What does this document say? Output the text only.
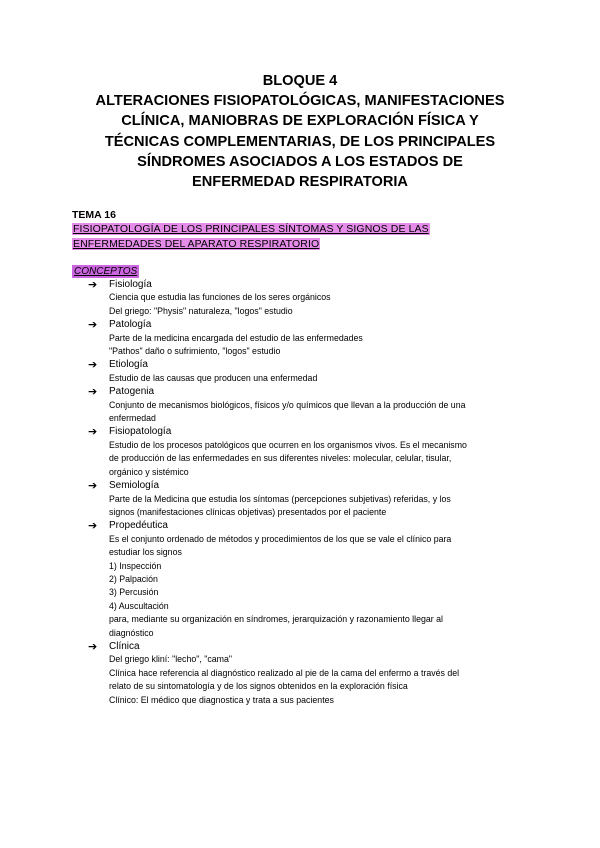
BLOQUE 4
ALTERACIONES FISIOPATOLÓGICAS, MANIFESTACIONES
CLÍNICA, MANIOBRAS DE EXPLORACIÓN FÍSICA Y
TÉCNICAS COMPLEMENTARIAS, DE LOS PRINCIPALES
SÍNDROMES ASOCIADOS A LOS ESTADOS DE
ENFERMEDAD RESPIRATORIA
TEMA 16
FISIOPATOLOGÍA DE LOS PRINCIPALES SÍNTOMAS Y SIGNOS DE LAS
ENFERMEDADES DEL APARATO RESPIRATORIO
CONCEPTOS
➔ Fisiología
Ciencia que estudia las funciones de los seres orgánicos
Del griego: "Physis" naturaleza, "logos" estudio
➔ Patología
Parte de la medicina encargada del estudio de las enfermedades
"Pathos" daño o sufrimiento, "logos" estudio
➔ Etiología
Estudio de las causas que producen una enfermedad
➔ Patogenia
Conjunto de mecanismos biológicos, físicos y/o químicos que llevan a la producción de una
enfermedad
➔ Fisiopatología
Estudio de los procesos patológicos que ocurren en los organismos vivos. Es el mecanismo
de producción de las enfermedades en sus diferentes niveles: molecular, celular, tisular,
orgánico y sistémico
➔ Semiología
Parte de la Medicina que estudia los síntomas (percepciones subjetivas) referidas, y los
signos (manifestaciones clínicas objetivas) presentados por el paciente
➔ Propedéutica
Es el conjunto ordenado de métodos y procedimientos de los que se vale el clínico para
estudiar los signos
1) Inspección
2) Palpación
3) Percusión
4) Auscultación
para, mediante su organización en síndromes, jerarquización y razonamiento llegar al
diagnóstico
➔ Clínica
Del griego kliní: "lecho", "cama"
Clínica hace referencia al diagnóstico realizado al pie de la cama del enfermo a través del
relato de su sintomatología y de los signos obtenidos en la exploración física
Clínico: El médico que diagnostica y trata a sus pacientes
